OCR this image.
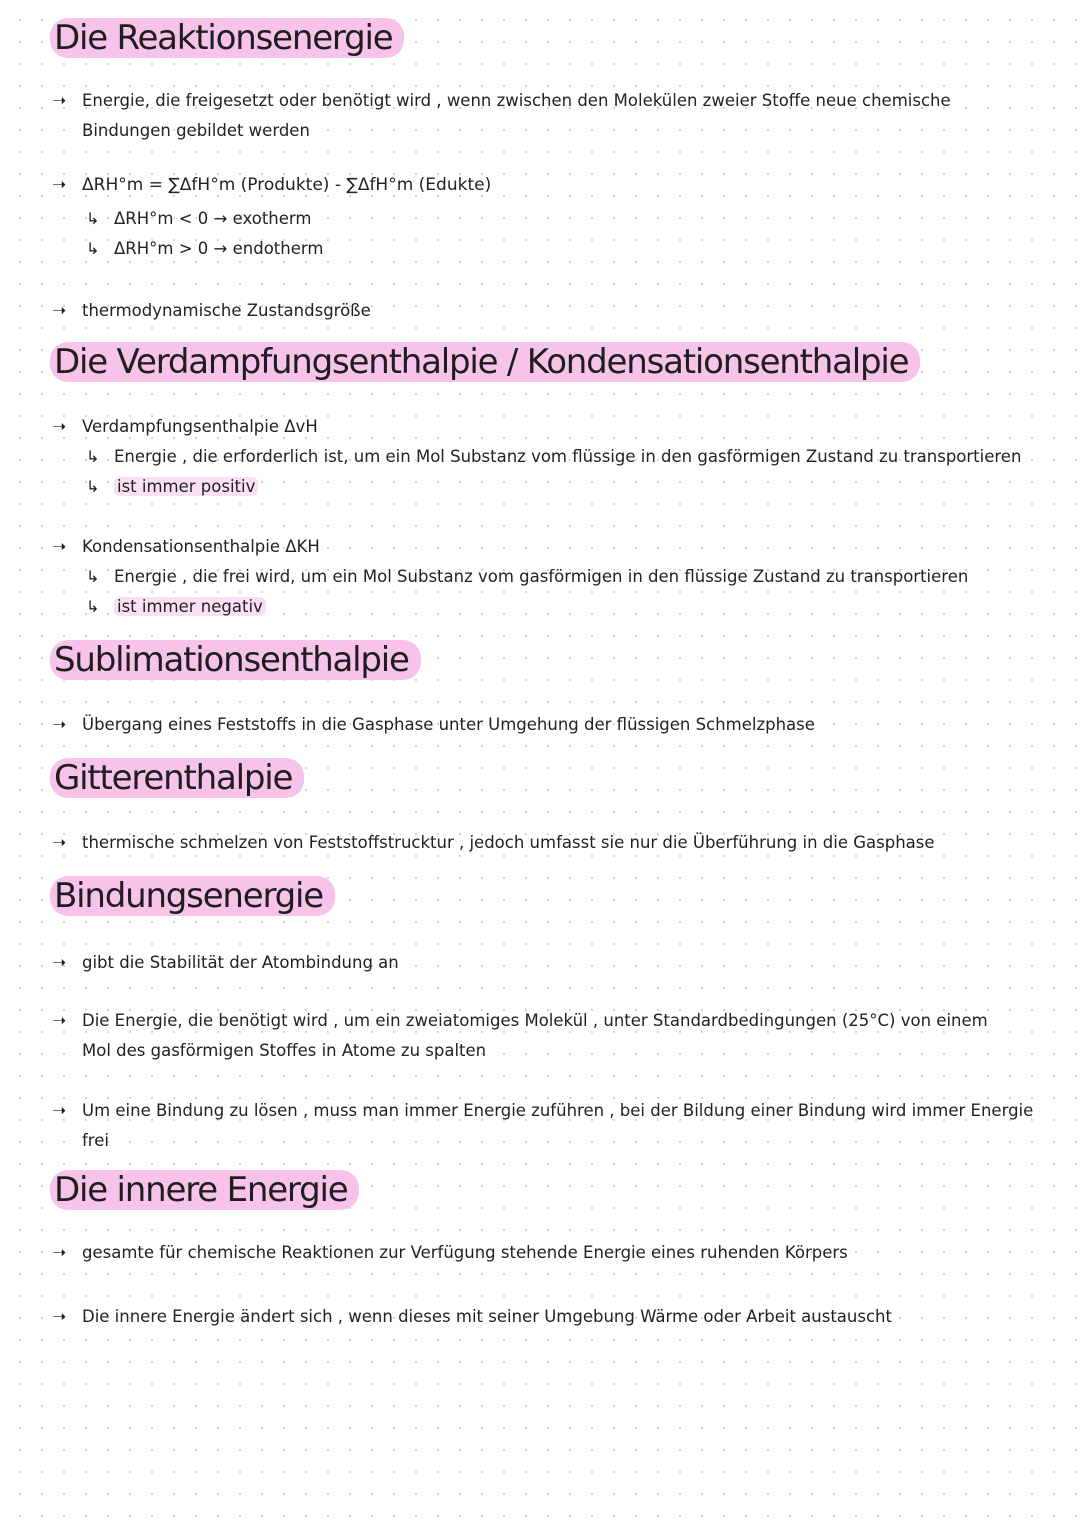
Die Reaktionsenergie
➝ Energie, die freigesetzt oder benötigt wird , wenn zwischen den Molekülen zweier Stoffe neue chemische
Bindungen gebildet werden
➝ ΔRH°m = ∑ΔfH°m (Produkte) - ∑ΔfH°m (Edukte)
↳ ΔRH°m < 0 → exotherm
↳ ΔRH°m > 0 → endotherm
➝ thermodynamische Zustandsgröße
Die Verdampfungsenthalpie / Kondensationsenthalpie
➝ Verdampfungsenthalpie ΔvH
↳ Energie , die erforderlich ist, um ein Mol Substanz vom flüssige in den gasförmigen Zustand zu transportieren
↳ ist immer positiv
➝ Kondensationsenthalpie ΔKH
↳ Energie , die frei wird, um ein Mol Substanz vom gasförmigen in den flüssige Zustand zu transportieren
↳ ist immer negativ
Sublimationsenthalpie
➝ Übergang eines Feststoffs in die Gasphase unter Umgehung der flüssigen Schmelzphase
Gitterenthalpie
➝ thermische schmelzen von Feststoffstrucktur , jedoch umfasst sie nur die Überführung in die Gasphase
Bindungsenergie
➝ gibt die Stabilität der Atombindung an
➝ Die Energie, die benötigt wird , um ein zweiatomiges Molekül , unter Standardbedingungen (25°C) von einem
Mol des gasförmigen Stoffes in Atome zu spalten
➝ Um eine Bindung zu lösen , muss man immer Energie zuführen , bei der Bildung einer Bindung wird immer Energie
frei
Die innere Energie
➝ gesamte für chemische Reaktionen zur Verfügung stehende Energie eines ruhenden Körpers
➝ Die innere Energie ändert sich , wenn dieses mit seiner Umgebung Wärme oder Arbeit austauscht
